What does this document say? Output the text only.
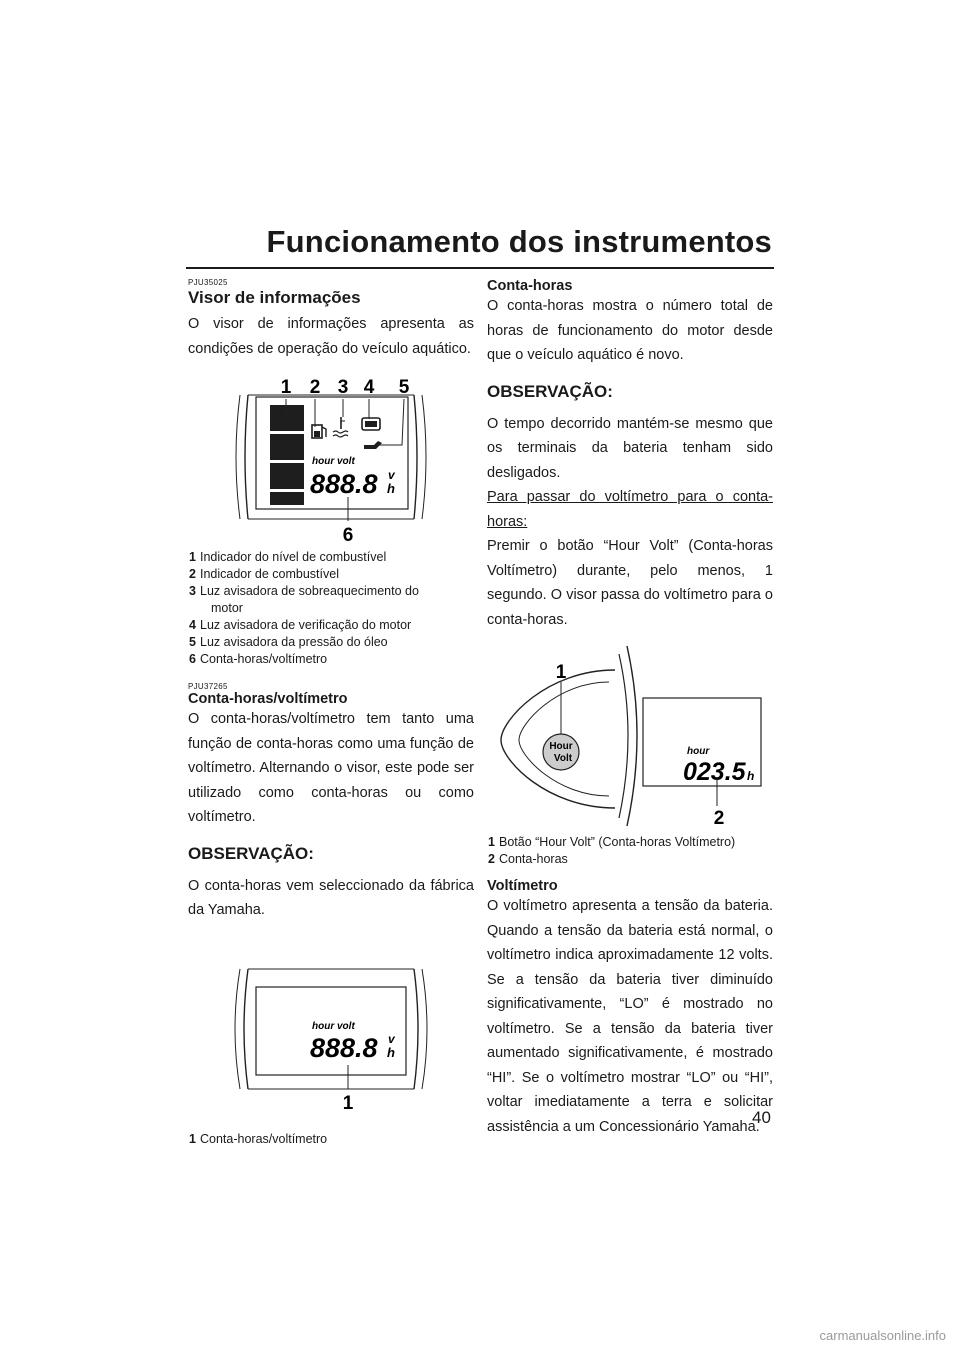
Funcionamento dos instrumentos

PJU35025

Visor de informações

O visor de informações apresenta as condições de operação do veículo aquático.

1 2 3 4 5
6
hour volt
888.8 v
h
1 Indicador do nível de combustível
2 Indicador de combustível
3 Luz avisadora de sobreaquecimento do
motor
4 Luz avisadora de verificação do motor
5 Luz avisadora da pressão do óleo
6 Conta-horas/voltímetro

PJU37265

Conta-horas/voltímetro

O conta-horas/voltímetro tem tanto uma função de conta-horas como uma função de voltímetro. Alternando o visor, este pode ser utilizado como conta-horas ou como voltímetro.

OBSERVAÇÃO:

O conta-horas vem seleccionado da fábrica da Yamaha.

hour volt
888.8 v
h
1
1 Conta-horas/voltímetro
Conta-horas

O conta-horas mostra o número total de horas de funcionamento do motor desde que o veículo aquático é novo.

OBSERVAÇÃO:

O tempo decorrido mantém-se mesmo que os terminais da bateria tenham sido desligados.

Para passar do voltímetro para o conta-horas:

Premir o botão “Hour Volt” (Conta-horas Voltímetro) durante, pelo menos, 1 segundo. O visor passa do voltímetro para o conta-horas.

Hour
Volt
1
hour
023.5 h
2
1 Botão “Hour Volt” (Conta-horas Voltímetro)
2 Conta-horas
Voltímetro

O voltímetro apresenta a tensão da bateria. Quando a tensão da bateria está normal, o voltímetro indica aproximadamente 12 volts. Se a tensão da bateria tiver diminuído significativamente, “LO” é mostrado no voltímetro. Se a tensão da bateria tiver aumentado significativamente, é mostrado “HI”. Se o voltímetro mostrar “LO” ou “HI”, voltar imediatamente a terra e solicitar assistência a um Concessionário Yamaha.

40
carmanualsonline.info
